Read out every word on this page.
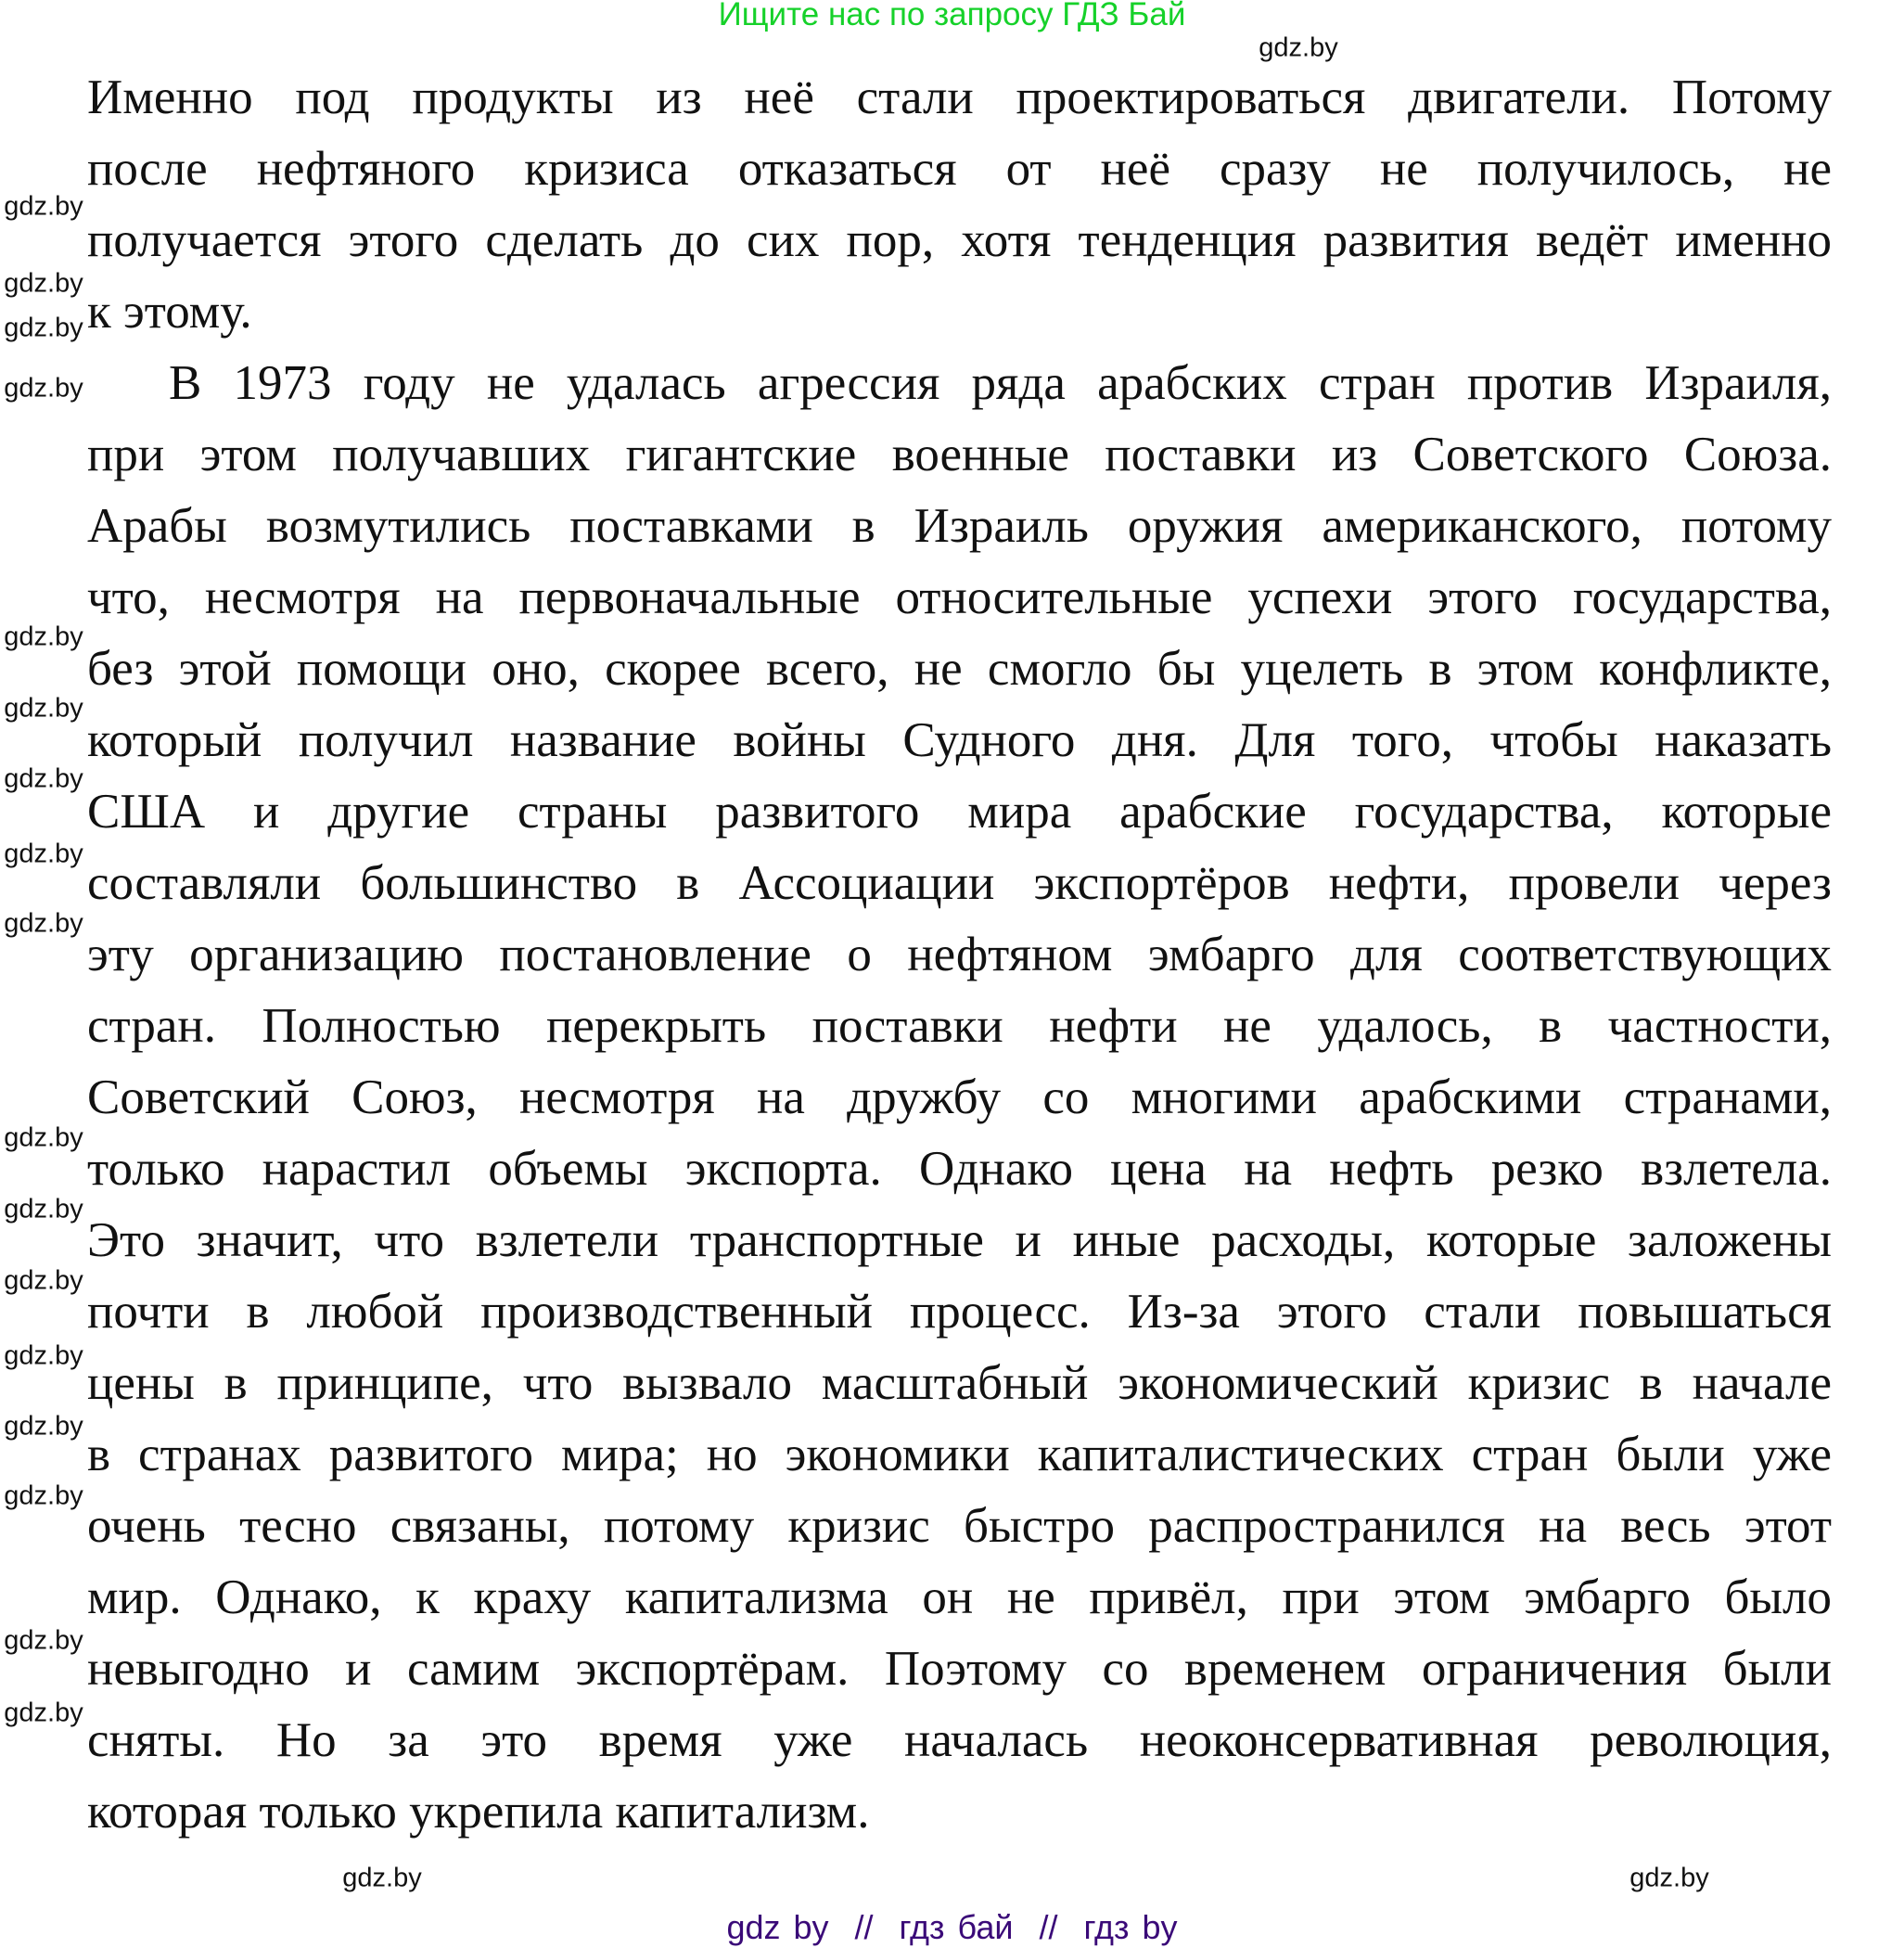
Ищите нас по запросу ГДЗ Бай
Именно под продукты из неё стали проектироваться двигатели. Потому
после нефтяного кризиса отказаться от неё сразу не получилось, не
получается этого сделать до сих пор, хотя тенденция развития ведёт именно
к этому.
В 1973 году не удалась агрессия ряда арабских стран против Израиля,
при этом получавших гигантские военные поставки из Советского Союза.
Арабы возмутились поставками в Израиль оружия американского, потому
что, несмотря на первоначальные относительные успехи этого государства,
без этой помощи оно, скорее всего, не смогло бы уцелеть в этом конфликте,
который получил название войны Судного дня. Для того, чтобы наказать
США и другие страны развитого мира арабские государства, которые
составляли большинство в Ассоциации экспортёров нефти, провели через
эту организацию постановление о нефтяном эмбарго для соответствующих
стран. Полностью перекрыть поставки нефти не удалось, в частности,
Советский Союз, несмотря на дружбу со многими арабскими странами,
только нарастил объемы экспорта. Однако цена на нефть резко взлетела.
Это значит, что взлетели транспортные и иные расходы, которые заложены
почти в любой производственный процесс. Из-за этого стали повышаться
цены в принципе, что вызвало масштабный экономический кризис в начале
в странах развитого мира; но экономики капиталистических стран были уже
очень тесно связаны, потому кризис быстро распространился на весь этот
мир. Однако, к краху капитализма он не привёл, при этом эмбарго было
невыгодно и самим экспортёрам. Поэтому со временем ограничения были
сняты. Но за это время уже началась неоконсервативная революция,
которая только укрепила капитализм.
gdz.by
gdz.by
gdz.by
gdz.by
gdz.by
gdz.by
gdz.by
gdz.by
gdz.by
gdz.by
gdz.by
gdz.by
gdz.by
gdz.by
gdz.by
gdz.by
gdz.by
gdz.by
gdz.by
gdz.by
gdz by  //  гдз бай  //  гдз by
